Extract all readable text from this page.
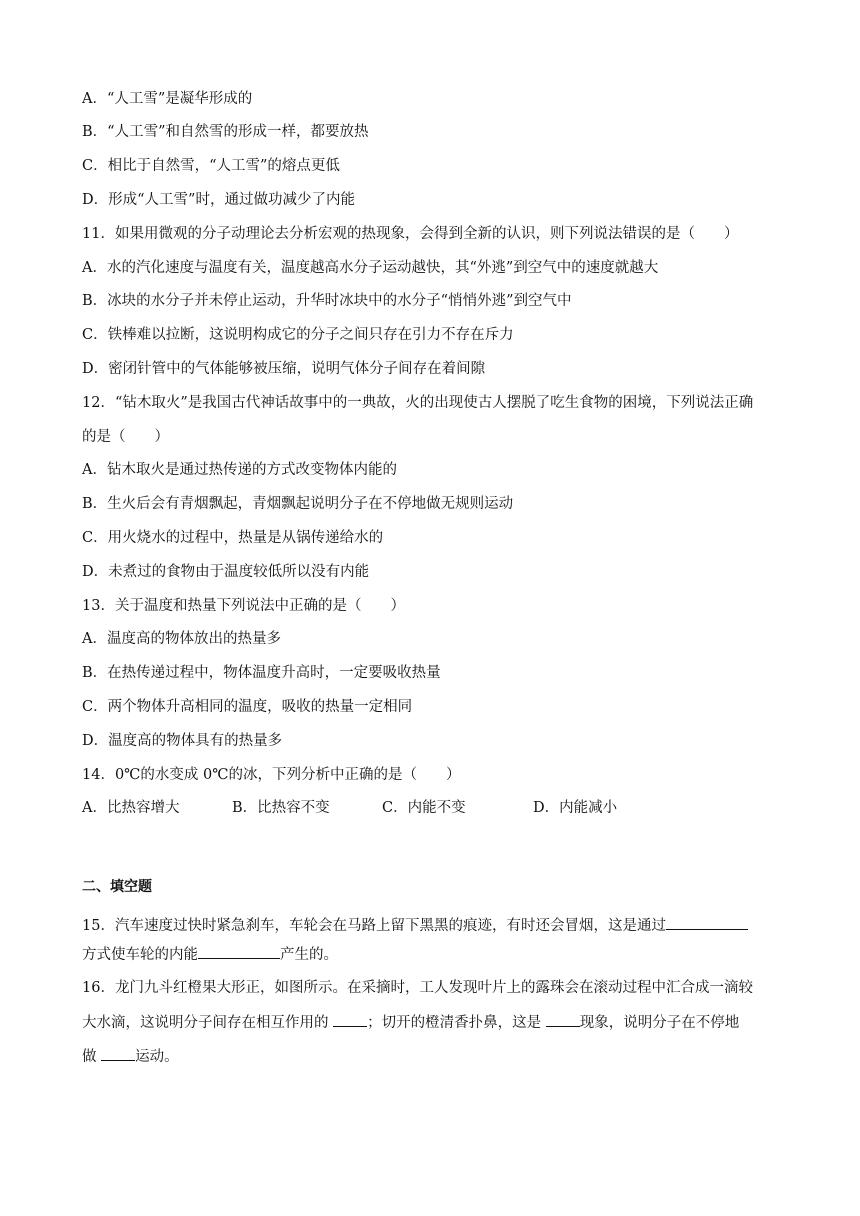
A．“人工雪”是凝华形成的
B．“人工雪”和自然雪的形成一样，都要放热
C．相比于自然雪，“人工雪”的熔点更低
D．形成“人工雪”时，通过做功减少了内能
11．如果用微观的分子动理论去分析宏观的热现象，会得到全新的认识，则下列说法错误的是（　　）
A．水的汽化速度与温度有关，温度越高水分子运动越快，其“外逃”到空气中的速度就越大
B．冰块的水分子并未停止运动，升华时冰块中的水分子“悄悄外逃”到空气中
C．铁棒难以拉断，这说明构成它的分子之间只存在引力不存在斥力
D．密闭针管中的气体能够被压缩，说明气体分子间存在着间隙
12．“钻木取火”是我国古代神话故事中的一典故，火的出现使古人摆脱了吃生食物的困境，下列说法正确
的是（　　）
A．钻木取火是通过热传递的方式改变物体内能的
B．生火后会有青烟飘起，青烟飘起说明分子在不停地做无规则运动
C．用火烧水的过程中，热量是从锅传递给水的
D．未煮过的食物由于温度较低所以没有内能
13．关于温度和热量下列说法中正确的是（　　）
A．温度高的物体放出的热量多
B．在热传递过程中，物体温度升高时，一定要吸收热量
C．两个物体升高相同的温度，吸收的热量一定相同
D．温度高的物体具有的热量多
14．0℃的水变成 0℃的冰，下列分析中正确的是（　　）
A．比热容增大	B．比热容不变	C．内能不变	D．内能减小
二、填空题
15．汽车速度过快时紧急刹车，车轮会在马路上留下黑黑的痕迹，有时还会冒烟，这是通过
方式使车轮的内能	产生的。
16．龙门九斗红橙果大形正，如图所示。在采摘时，工人发现叶片上的露珠会在滚动过程中汇合成一滴较
大水滴，这说明分子间存在相互作用的 ；切开的橙清香扑鼻，这是 现象，说明分子在不停地
做 运动。
